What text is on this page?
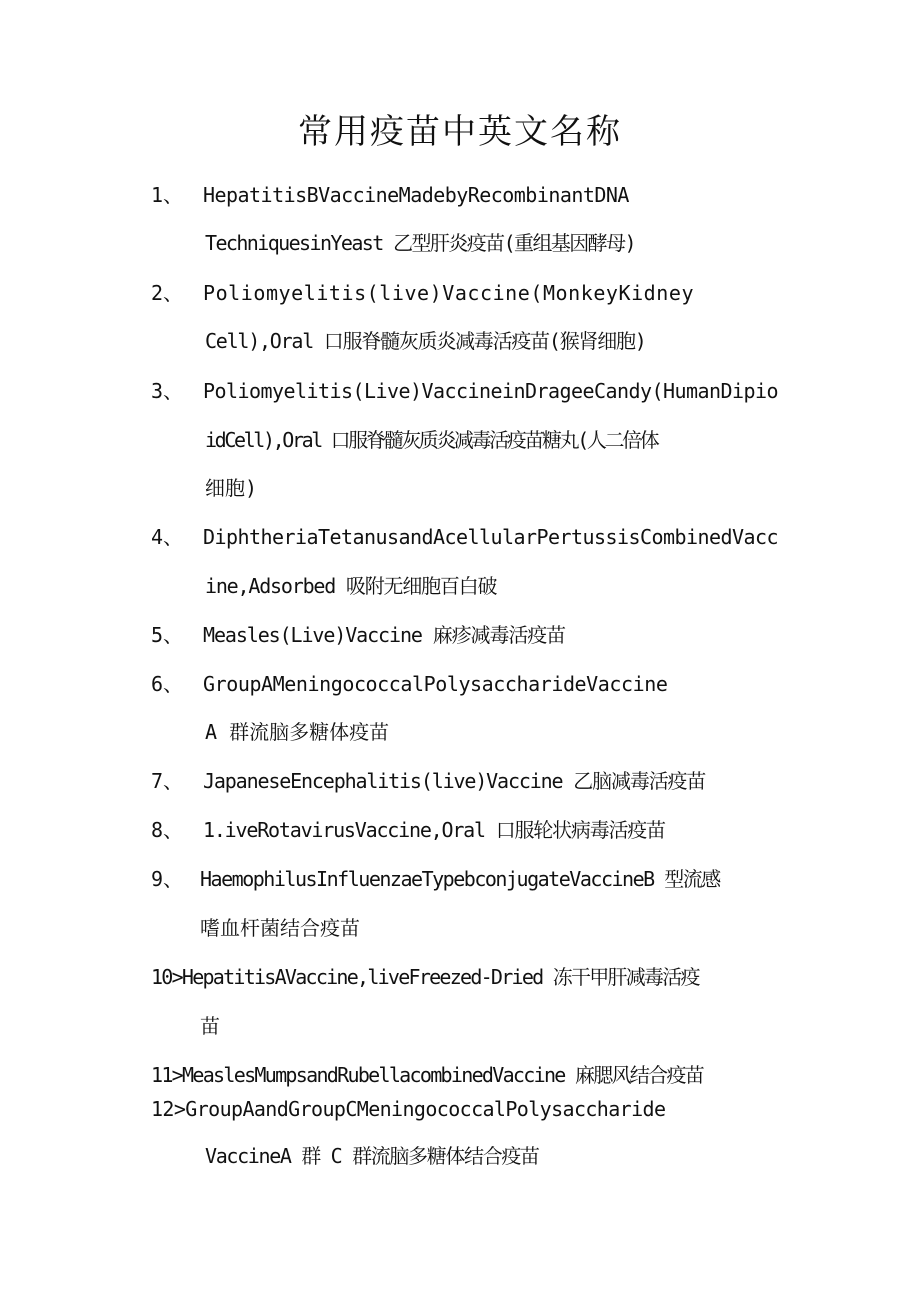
常用疫苗中英文名称
1、 HepatitisBVaccineMadebyRecombinantDNA
TechniquesinYeast 乙型肝炎疫苗(重组基因酵母)
2、 Poliomyelitis(live)Vaccine(MonkeyKidney
Cell),Oral 口服脊髓灰质炎减毒活疫苗(猴肾细胞)
3、 Poliomyelitis(Live)VaccineinDrageeCandy(HumanDipio
idCell),Oral 口服脊髓灰质炎减毒活疫苗糖丸(人二倍体
细胞)
4、 DiphtheriaTetanusandAcellularPertussisCombinedVacc
ine,Adsorbed 吸附无细胞百白破
5、 Measles(Live)Vaccine 麻疹减毒活疫苗
6、 GroupAMeningococcalPolysaccharideVaccine
A 群流脑多糖体疫苗
7、 JapaneseEncephalitis(live)Vaccine 乙脑减毒活疫苗
8、 1.iveRotavirusVaccine,Oral 口服轮状病毒活疫苗
9、 HaemophilusInfluenzaeTypebconjugateVaccineB 型流感
嗜血杆菌结合疫苗
10>HepatitisAVaccine,liveFreezed-Dried 冻干甲肝减毒活疫
苗
11>MeaslesMumpsandRubellacombinedVaccine 麻腮风结合疫苗
12>GroupAandGroupCMeningococcalPolysaccharide
VaccineA 群 C 群流脑多糖体结合疫苗
